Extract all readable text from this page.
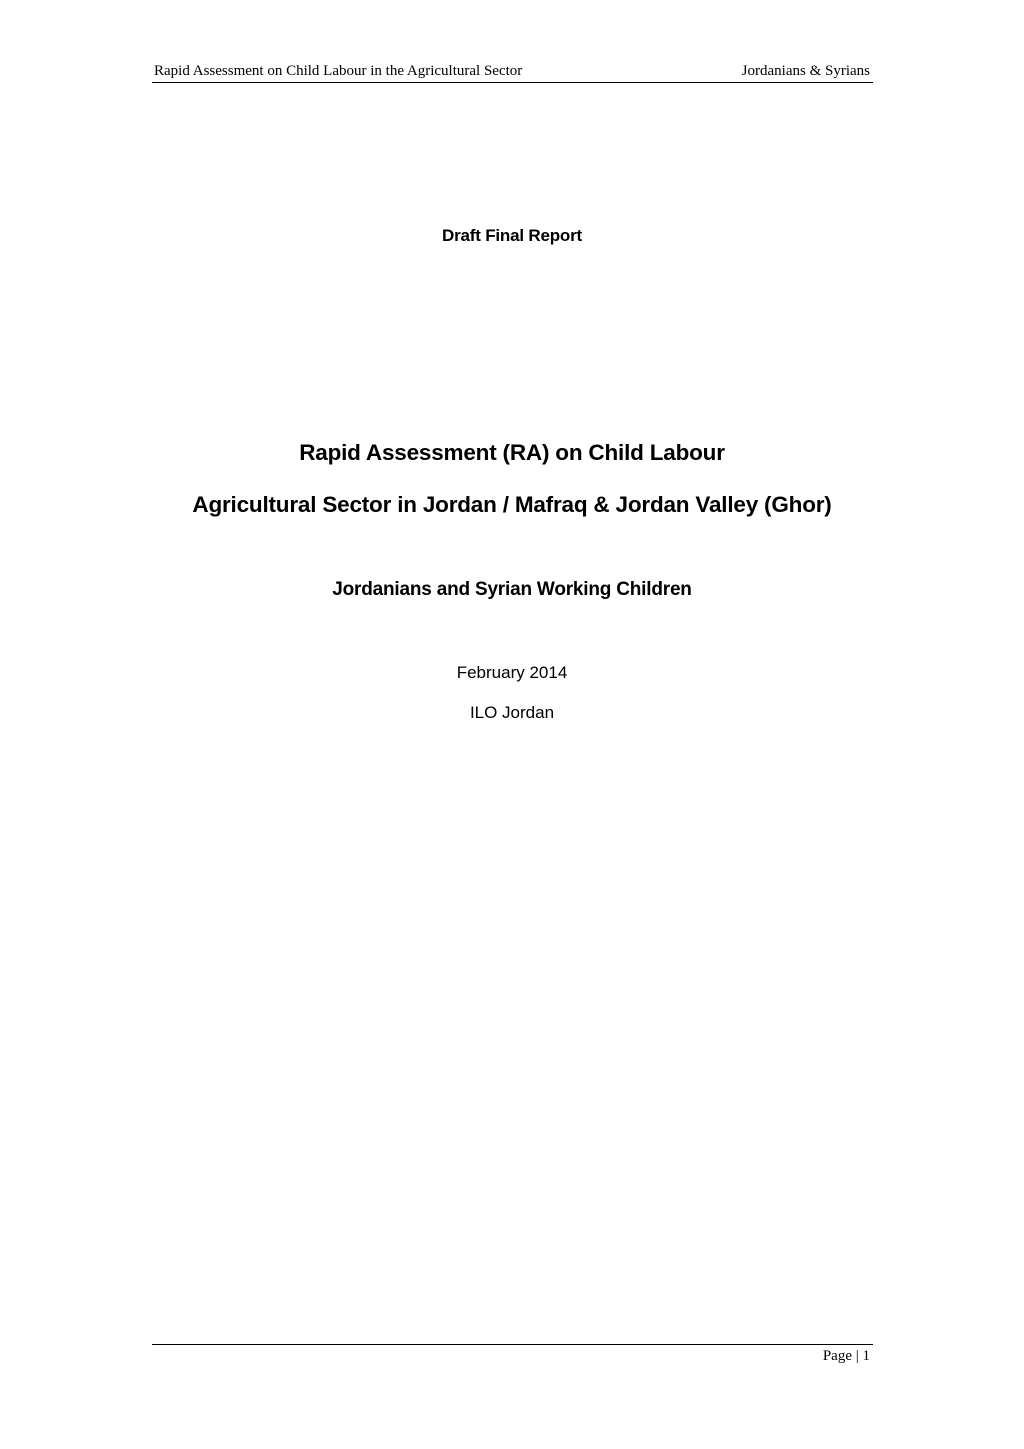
Rapid Assessment on Child Labour in the Agricultural Sector	Jordanians & Syrians
Draft Final Report
Rapid Assessment (RA) on Child Labour
Agricultural Sector in Jordan / Mafraq & Jordan Valley (Ghor)
Jordanians and Syrian Working Children
February 2014
ILO Jordan
Page | 1
